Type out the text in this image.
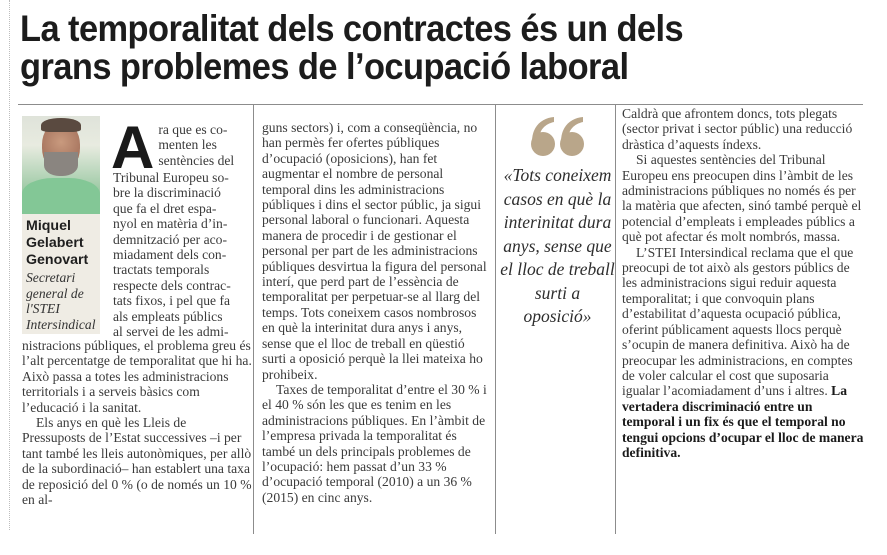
La temporalitat dels contractes és un dels
grans problemes de l’ocupació laboral
Miquel
Gelabert
Genovart
Secretari
general de
l'STEI
Intersindical
A ra que es co-
menten les
sentències del
Tribunal Europeu so-
bre la discriminació
que fa el dret espa-
nyol en matèria d’in-
demnització per aco-
miadament dels con-
tractats temporals
respecte dels contrac-
tats fixos, i pel que fa
als empleats públics
al servei de les admi-

nistracions públiques, el problema greu és l’alt percentatge de temporalitat que hi ha. Això passa a totes les administracions territorials i a serveis bàsics com l’educació i la sanitat.

Els anys en què les Lleis de Pressuposts de l’Estat successives –i per tant també les lleis autonòmiques, per allò de la subordinació– han establert una taxa de reposició del 0 % (o de només un 10 % en al-

guns sectors) i, com a conseqüència, no han permès fer ofertes públiques d’ocupació (oposicions), han fet augmentar el nombre de personal temporal dins les administracions públiques i dins el sector públic, ja sigui personal laboral o funcionari. Aquesta manera de procedir i de gestionar el personal per part de les administracions públiques desvirtua la figura del personal interí, que perd part de l’essència de temporalitat per perpetuar-se al llarg del temps. Tots coneixem casos nombrosos en què la interinitat dura anys i anys, sense que el lloc de treball en qüestió surti a oposició perquè la llei mateixa ho prohibeix.

Taxes de temporalitat d’entre el 30 % i el 40 % són les que es tenim en les administracions públiques. En l’àmbit de l’empresa privada la temporalitat és també un dels principals problemes de l’ocupació: hem passat d’un 33 % d’ocupació temporal (2010) a un 36 % (2015) en cinc anys.

«Tots coneixem casos en què la interinitat dura anys, sense que el lloc de treball surti a oposició»

Caldrà que afrontem doncs, tots plegats (sector privat i sector públic) una reducció dràstica d’aquests índexs.

Si aquestes sentències del Tribunal Europeu ens preocupen dins l’àmbit de les administracions públiques no només és per la matèria que afecten, sinó també perquè el potencial d’empleats i empleades públics a què pot afectar és molt nombrós, massa.

L’STEI Intersindical reclama que el que preocupi de tot això als gestors públics de les administracions sigui reduir aquesta temporalitat; i que convoquin plans d’estabilitat d’aquesta ocupació pública, oferint públicament aquests llocs perquè s’ocupin de manera definitiva. Això ha de preocupar les administracions, en comptes de voler calcular el cost que suposaria igualar l’acomiadament d’uns i altres. La vertadera discriminació entre un temporal i un fix és que el temporal no tengui opcions d’ocupar el lloc de manera definitiva.
